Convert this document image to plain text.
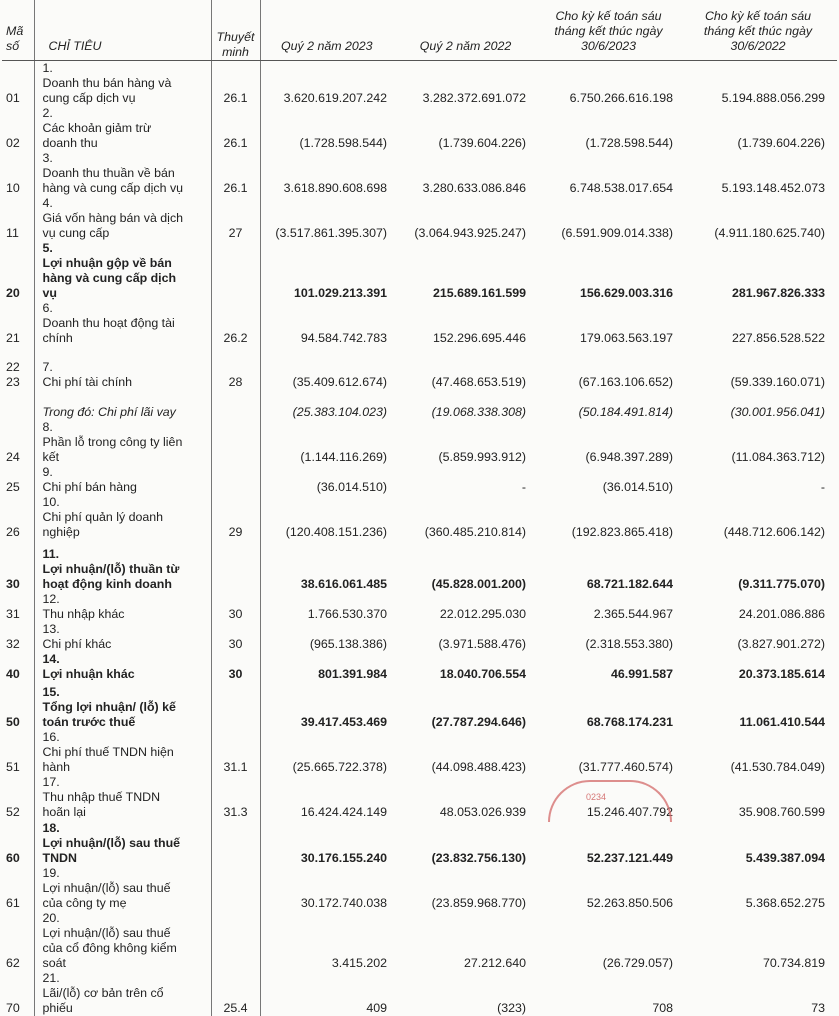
Mã số	CHỈ TIÊU	Thuyết minh	Quý 2 năm 2023	Quý 2 năm 2022	Cho kỳ kế toán sáu tháng kết thúc ngày 30/6/2023	Cho kỳ kế toán sáu tháng kết thúc ngày 30/6/2022

01	1.Doanh thu bán hàng và cung cấp dịch vụ	26.1	3.620.619.207.242	3.282.372.691.072	6.750.266.616.198	5.194.888.056.299

02	2.Các khoản giảm trừ doanh thu	26.1	(1.728.598.544)	(1.739.604.226)	(1.728.598.544)	(1.739.604.226)

10	3.Doanh thu thuần về bán hàng và cung cấp dịch vụ	26.1	3.618.890.608.698	3.280.633.086.846	6.748.538.017.654	5.193.148.452.073

11	4.Giá vốn hàng bán và dịch vụ cung cấp	27	(3.517.861.395.307)	(3.064.943.925.247)	(6.591.909.014.338)	(4.911.180.625.740)

20	5.Lợi nhuận gộp về bán hàng và cung cấp dịch vụ		101.029.213.391	215.689.161.599	156.629.003.316	281.967.826.333

21	6.Doanh thu hoạt động tài chính	26.2	94.584.742.783	152.296.695.446	179.063.563.197	227.856.528.522

22
23	7.Chi phí tài chính	28	(35.409.612.674)	(47.468.653.519)	(67.163.106.652)	(59.339.160.071)

	Trong đó: Chi phí lãi vay		(25.383.104.023)	(19.068.338.308)	(50.184.491.814)	(30.001.956.041)

24	8.Phần lỗ trong công ty liên kết		(1.144.116.269)	(5.859.993.912)	(6.948.397.289)	(11.084.363.712)

25	9.Chi phí bán hàng		(36.014.510)	-	(36.014.510)	-

26	10.Chi phí quản lý doanh nghiệp	29	(120.408.151.236)	(360.485.210.814)	(192.823.865.418)	(448.712.606.142)

30	11.Lợi nhuận/(lỗ) thuần từ hoạt động kinh doanh		38.616.061.485	(45.828.001.200)	68.721.182.644	(9.311.775.070)

31	12.Thu nhập khác	30	1.766.530.370	22.012.295.030	2.365.544.967	24.201.086.886

32	13.Chi phí khác	30	(965.138.386)	(3.971.588.476)	(2.318.553.380)	(3.827.901.272)

40	14.Lợi nhuận khác	30	801.391.984	18.040.706.554	46.991.587	20.373.185.614

50	15.Tổng lợi nhuận/ (lỗ) kế toán trước thuế		39.417.453.469	(27.787.294.646)	68.768.174.231	11.061.410.544

51	16.Chi phí thuế TNDN hiện hành	31.1	(25.665.722.378)	(44.098.488.423)	(31.777.460.574)	(41.530.784.049)

52	17.Thu nhập thuế TNDN hoãn lại	31.3	16.424.424.149	48.053.026.939	15.246.407.792	35.908.760.599

60	18.Lợi nhuận/(lỗ) sau thuế TNDN		30.176.155.240	(23.832.756.130)	52.237.121.449	5.439.387.094

61	19.Lợi nhuận/(lỗ) sau thuế của công ty mẹ		30.172.740.038	(23.859.968.770)	52.263.850.506	5.368.652.275

62	20.Lợi nhuận/(lỗ) sau thuế của cổ đông không kiểm soát		3.415.202	27.212.640	(26.729.057)	70.734.819

70	21.Lãi/(lỗ) cơ bản trên cổ phiếu	25.4	409	(323)	708	73
0234
